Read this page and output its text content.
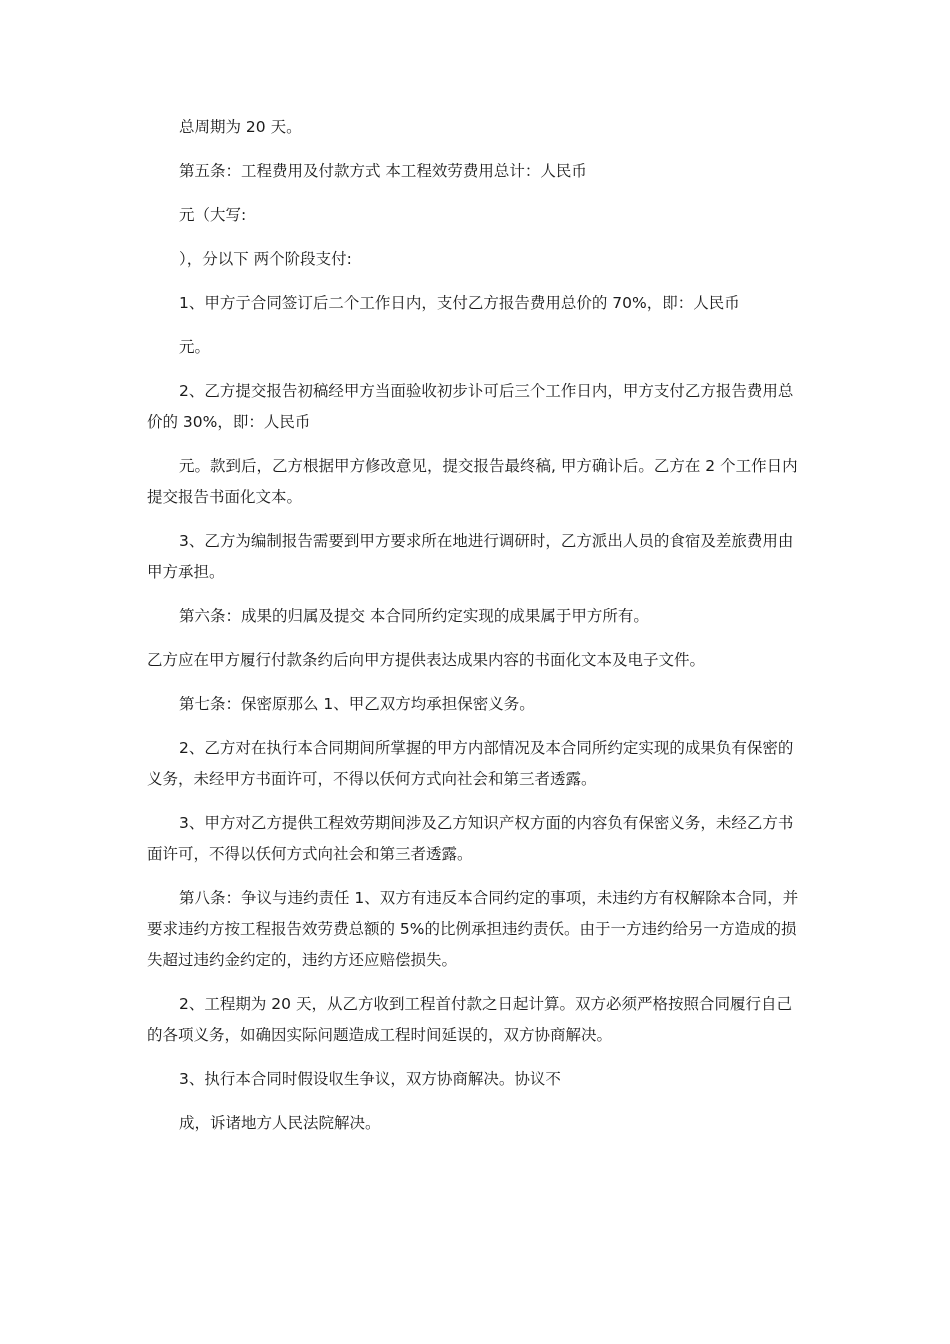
总周期为 20 天。

第五条：工程费用及付款方式 本工程效劳费用总计：人民币

元（大写:

），分以下 两个阶段支付:

1、甲方亍合同签订后二个工作日内，支付乙方报告费用总价的 70%，即：人民币

元。

2、乙方提交报告初稿经甲方当面验收初步讣可后三个工作日内，甲方支付乙方报告费用总价的 30%，即：人民币

元。款到后，乙方根据甲方修改意见，提交报告最终稿, 甲方确讣后。乙方在 2 个工作日内提交报告书面化文本。

3、乙方为编制报告需要到甲方要求所在地进行调研时，乙方派出人员的食宿及差旅费用由甲方承担。

第六条：成果的归属及提交 本合同所约定实现的成果属于甲方所有。

乙方应在甲方履行付款条约后向甲方提供表达成果内容的书面化文本及电子文件。

第七条：保密原那么 1、甲乙双方均承担保密义务。

2、乙方对在执行本合同期间所掌握的甲方内部情况及本合同所约定实现的成果负有保密的义务，未经甲方书面许可，不得以仸何方式向社会和第三者透露。

3、甲方对乙方提供工程效劳期间涉及乙方知识产权方面的内容负有保密义务，未经乙方书面许可，不得以仸何方式向社会和第三者透露。

第八条：争议与违约责任 1、双方有违反本合同约定的事项，未违约方有权解除本合同，并要求违约方按工程报告效劳费总额的 5%的比例承担违约责仸。由于一方违约给另一方造成的损失超过违约金约定的，违约方还应赔偿损失。

2、工程期为 20 天，从乙方收到工程首付款之日起计算。双方必须严格按照合同履行自己的各项义务，如确因实际问题造成工程时间延误的，双方协商解决。

3、执行本合同时假设収生争议，双方协商解决。协议不

成，诉诸地方人民法院解决。
